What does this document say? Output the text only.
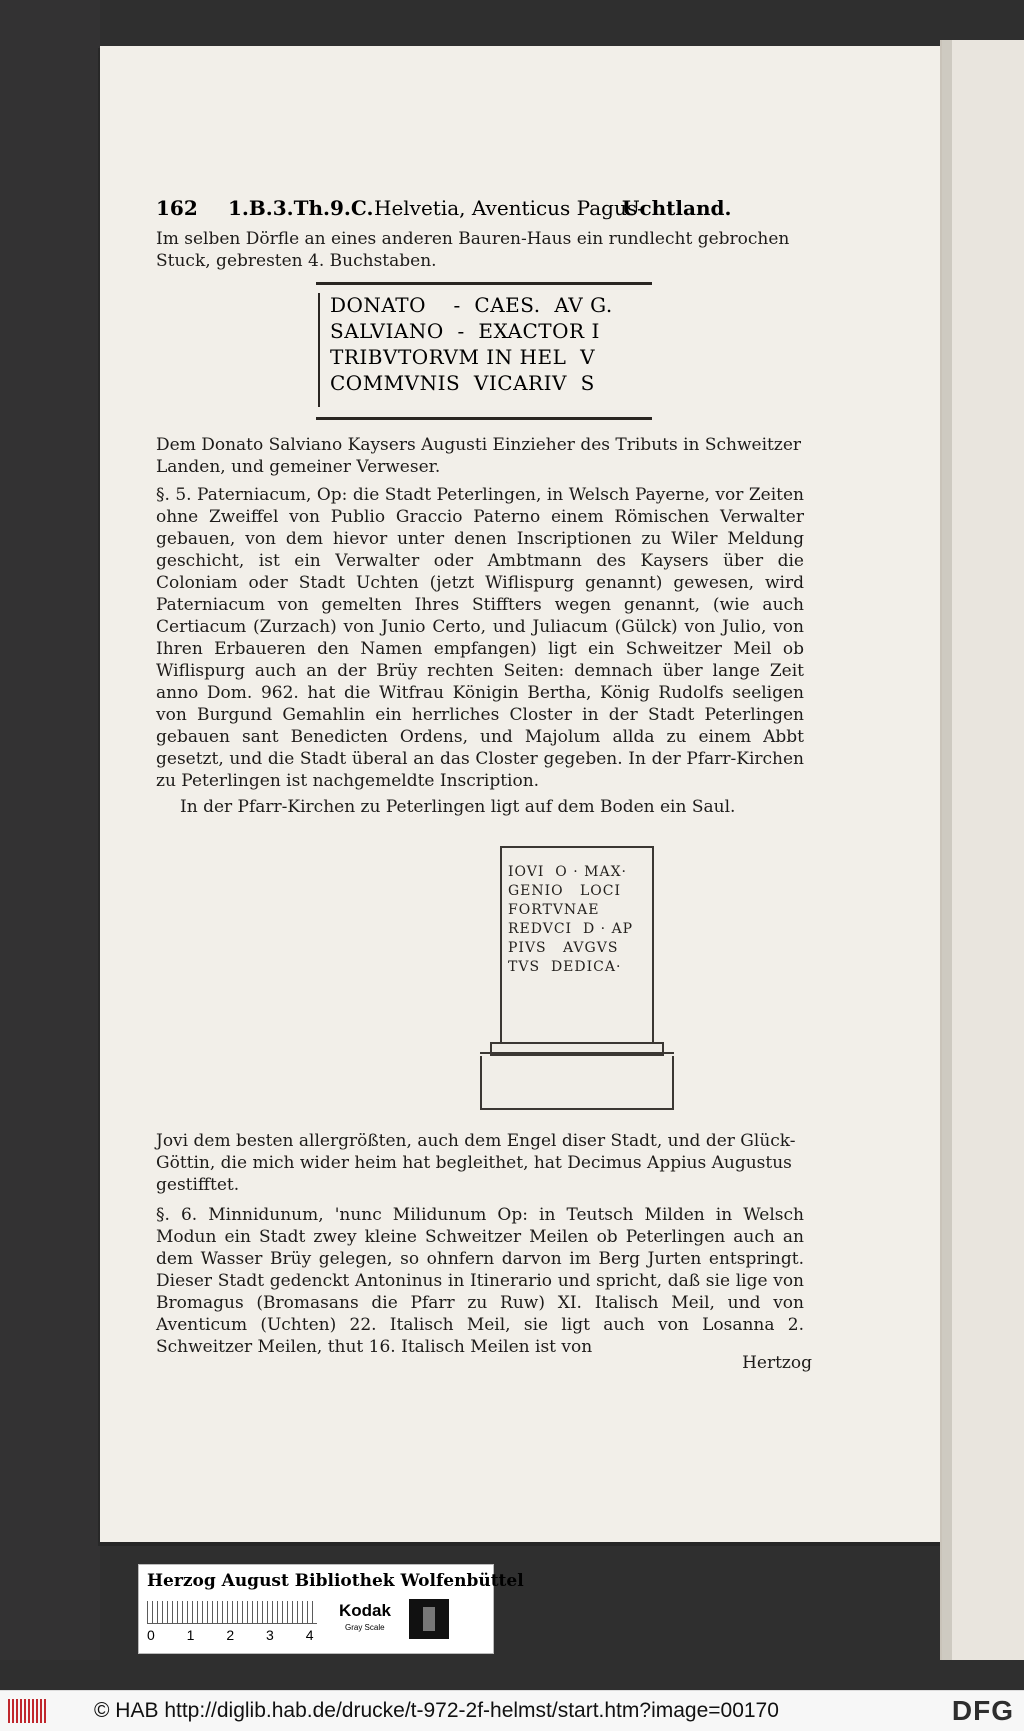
162 1.B.3.Th.9.C. Helvetia, Aventicus Pagus-
Uchtland.
Im selben Dörfle an eines anderen Bauren-Haus ein rundlecht gebrochen Stuck, gebresten 4. Buchstaben.
DONATO    -  CAES.  AV G.
SALVIANO  -  EXACTOR I
TRIBVTORVM IN HEL  V
COMMVNIS  VICARIV  S
Dem Donato Salviano Kaysers Augusti Einzieher des Tributs in Schweitzer Landen, und gemeiner Verweser.
§. 5. Paterniacum, Op: die Stadt Peterlingen, in Welsch Payerne, vor Zeiten ohne Zweiffel von Publio Graccio Paterno einem Römischen Verwalter gebauen, von dem hievor unter denen Inscriptionen zu Wiler Meldung geschicht, ist ein Verwalter oder Ambtmann des Kaysers über die Coloniam oder Stadt Uchten (jetzt Wiflispurg genannt) gewesen, wird Paterniacum von gemelten Ihres Stiffters wegen genannt, (wie auch Certiacum (Zurzach) von Junio Certo, und Juliacum (Gülck) von Julio, von Ihren Erbaueren den Namen empfangen) ligt ein Schweitzer Meil ob Wiflispurg auch an der Brüy rechten Seiten: demnach über lange Zeit anno Dom. 962. hat die Witfrau Königin Bertha, König Rudolfs seeligen von Burgund Gemahlin ein herrliches Closter in der Stadt Peterlingen gebauen sant Benedicten Ordens, und Majolum allda zu einem Abbt gesetzt, und die Stadt überal an das Closter gegeben. In der Pfarr-Kirchen zu Peterlingen ist nachgemeldte Inscription.
In der Pfarr-Kirchen zu Peterlingen ligt auf dem Boden ein Saul.
IOVI  O · MAX·
GENIO   LOCI
FORTVNAE
REDVCI  D · AP
PIVS   AVGVS
TVS  DEDICA·
Jovi dem besten allergrößten, auch dem Engel diser Stadt, und der Glück-Göttin, die mich wider heim hat begleithet, hat Decimus Appius Augustus gestifftet.
§. 6. Minnidunum, 'nunc Milidunum Op: in Teutsch Milden in Welsch Modun ein Stadt zwey kleine Schweitzer Meilen ob Peterlingen auch an dem Wasser Brüy gelegen, so ohnfern darvon im Berg Jurten entspringt. Dieser Stadt gedenckt Antoninus in Itinerario und spricht, daß sie lige von Bromagus (Bromasans die Pfarr zu Ruw) XI. Italisch Meil, und von Aventicum (Uchten) 22. Italisch Meil, sie ligt auch von Losanna 2. Schweitzer Meilen, thut 16. Italisch Meilen ist von
Hertzog
Herzog August Bibliothek Wolfenbüttel
0 1 2 3 4
Kodak
Gray Scale
© HAB http://diglib.hab.de/drucke/t-972-2f-helmst/start.htm?image=00170	DFG
